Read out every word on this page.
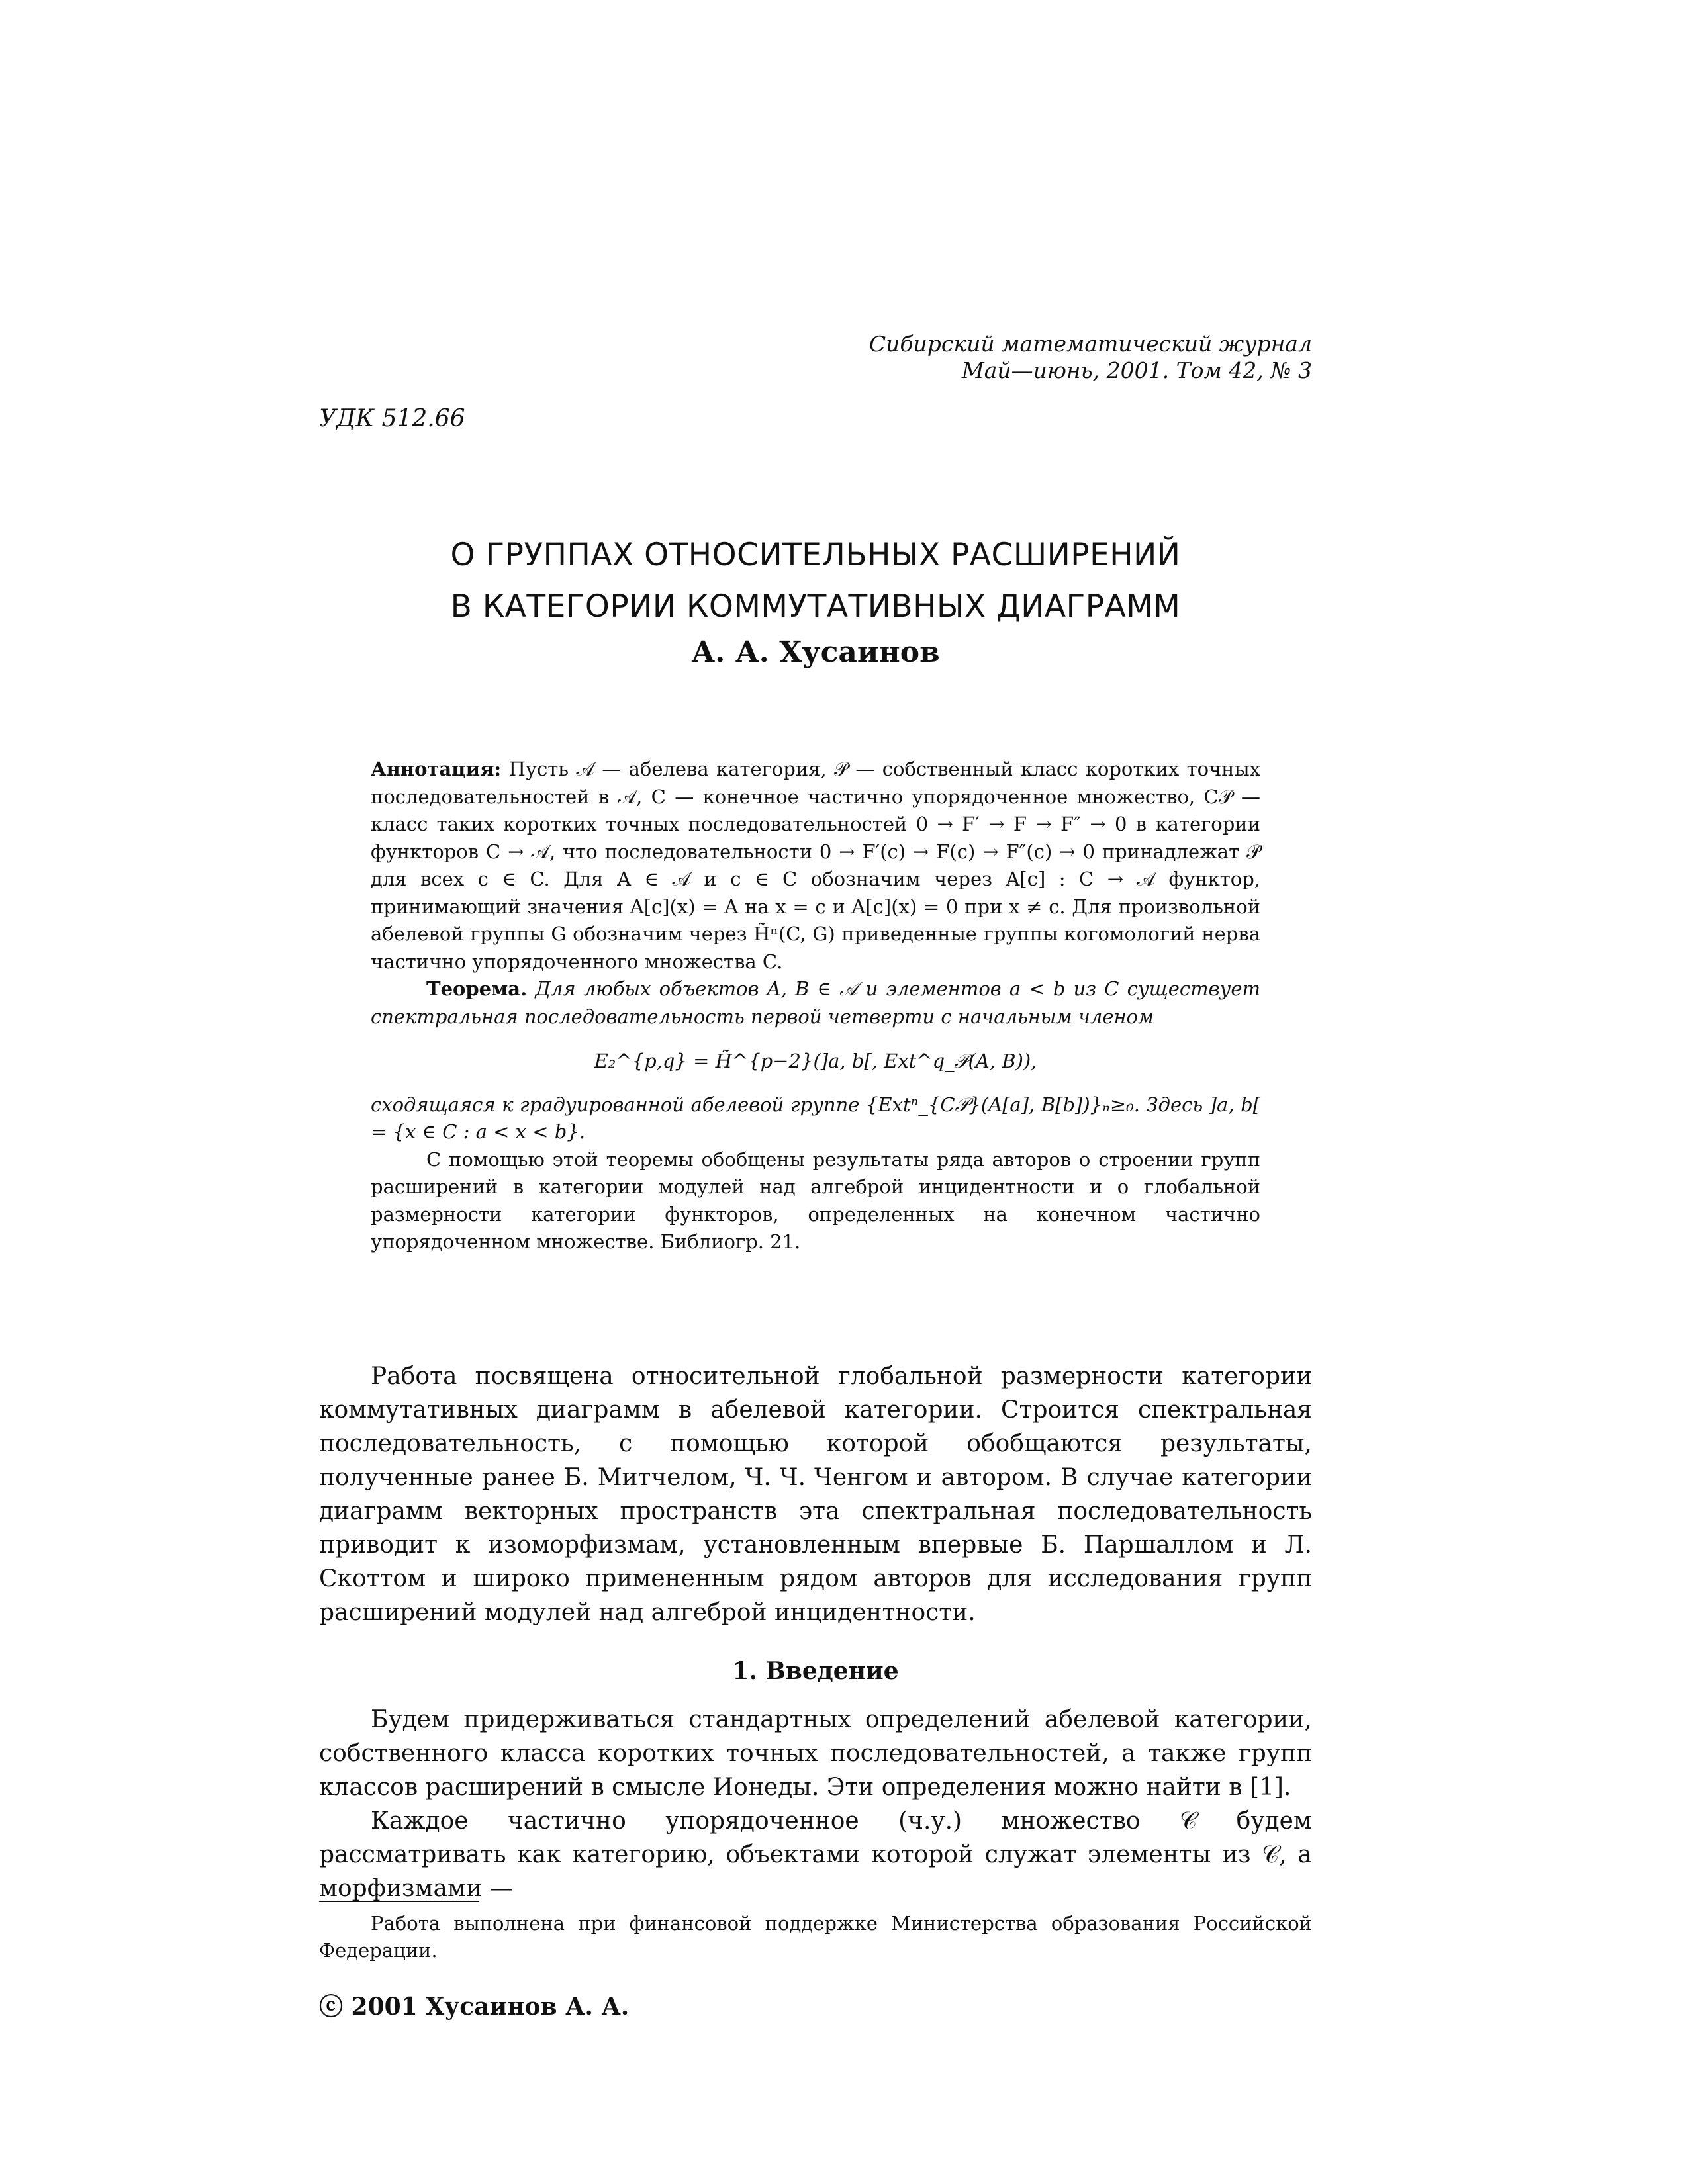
Сибирский математический журнал
Май—июнь, 2001. Том 42, № 3
УДК 512.66
О ГРУППАХ ОТНОСИТЕЛЬНЫХ РАСШИРЕНИЙ
В КАТЕГОРИИ КОММУТАТИВНЫХ ДИАГРАММ
А. А. Хусаинов

Аннотация: Пусть 𝒜 — абелева категория, 𝒫 — собственный класс коротких точных последовательностей в 𝒜, C — конечное частично упорядоченное множество, C𝒫 — класс таких коротких точных последовательностей 0 → F′ → F → F″ → 0 в категории функторов C → 𝒜, что последовательности 0 → F′(c) → F(c) → F″(c) → 0 принадлежат 𝒫 для всех c ∈ C. Для A ∈ 𝒜 и c ∈ C обозначим через A[c] : C → 𝒜 функтор, принимающий значения A[c](x) = A на x = c и A[c](x) = 0 при x ≠ c. Для произвольной абелевой группы G обозначим через H̃ⁿ(C, G) приведенные группы когомологий нерва частично упорядоченного множества C.

Теорема. Для любых объектов A, B ∈ 𝒜 и элементов a < b из C существует спектральная последовательность первой четверти с начальным членом

E₂^{p,q} = H̃^{p−2}(]a, b[, Ext^q_𝒫(A, B)),

сходящаяся к градуированной абелевой группе {Extⁿ_{C𝒫}(A[a], B[b])}ₙ≥₀. Здесь ]a, b[ = {x ∈ C : a < x < b}.

С помощью этой теоремы обобщены результаты ряда авторов о строении групп расширений в категории модулей над алгеброй инцидентности и о глобальной размерности категории функторов, определенных на конечном частично упорядоченном множестве. Библиогр. 21.

Работа посвящена относительной глобальной размерности категории коммутативных диаграмм в абелевой категории. Строится спектральная последовательность, с помощью которой обобщаются результаты, полученные ранее Б. Митчелом, Ч. Ч. Ченгом и автором. В случае категории диаграмм векторных пространств эта спектральная последовательность приводит к изоморфизмам, установленным впервые Б. Паршаллом и Л. Скоттом и широко примененным рядом авторов для исследования групп расширений модулей над алгеброй инцидентности.

1. Введение

Будем придерживаться стандартных определений абелевой категории, собственного класса коротких точных последовательностей, а также групп классов расширений в смысле Ионеды. Эти определения можно найти в [1].

Каждое частично упорядоченное (ч.у.) множество 𝒞 будем рассматривать как категорию, объектами которой служат элементы из 𝒞, а морфизмами —

Работа выполнена при финансовой поддержке Министерства образования Российской Федерации.
ⓒ 2001 Хусаинов А. А.
